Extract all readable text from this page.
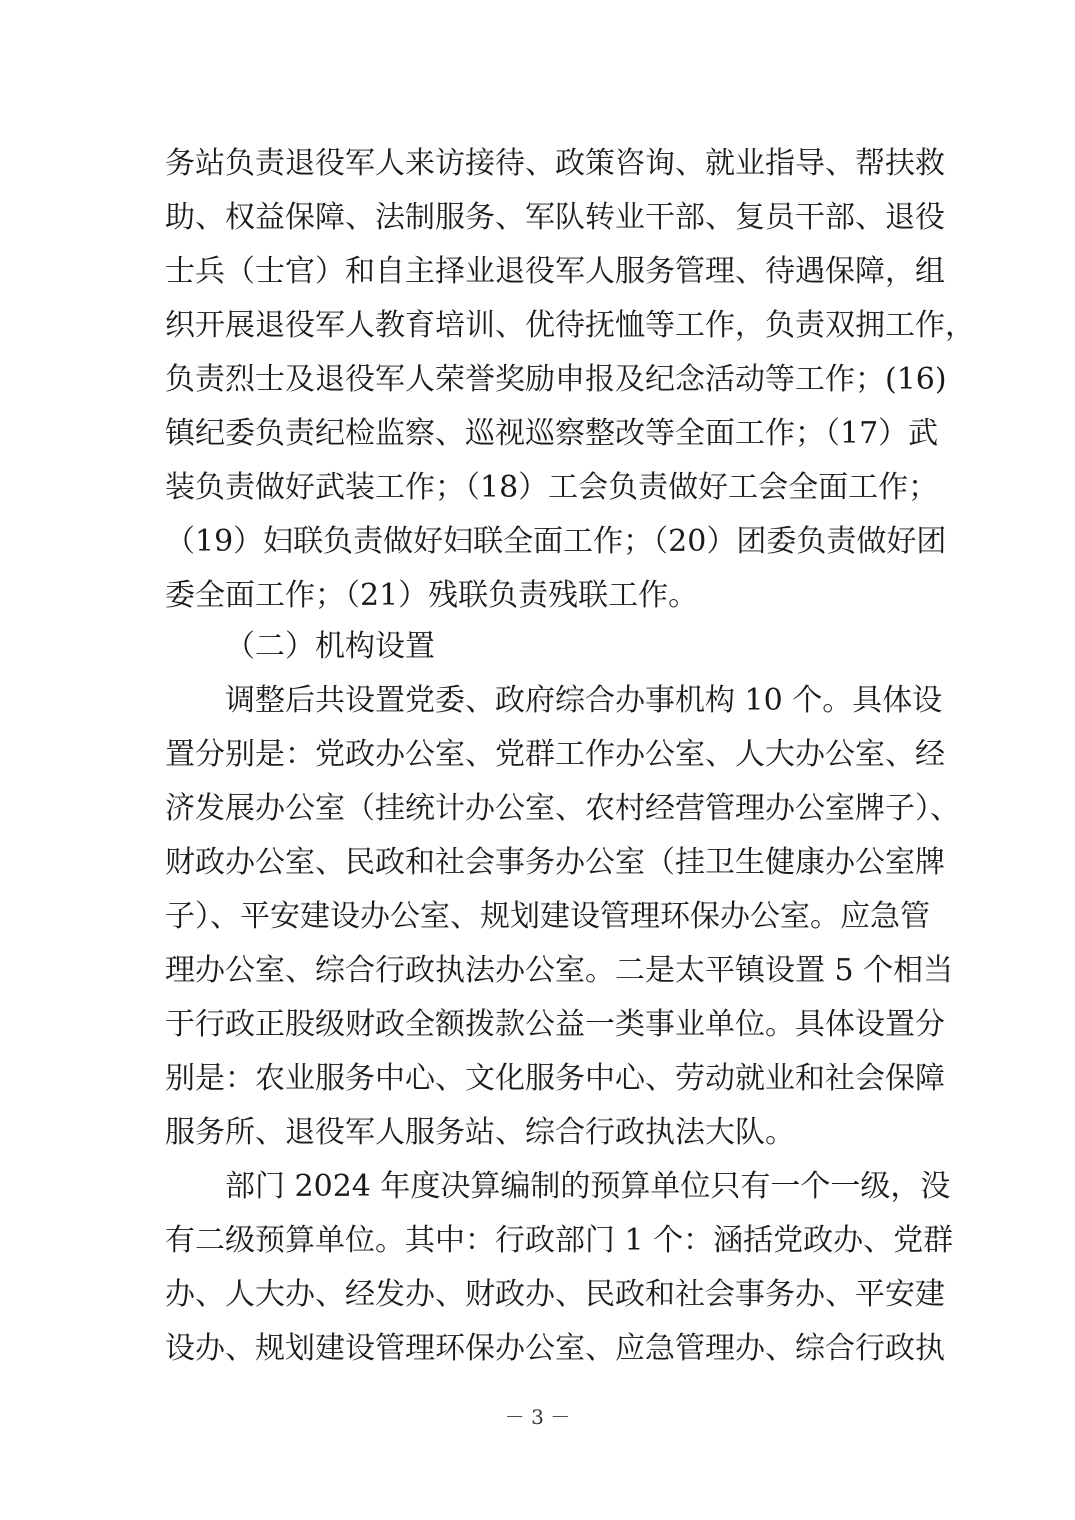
务站负责退役军人来访接待、政策咨询、就业指导、帮扶救
助、权益保障、法制服务、军队转业干部、复员干部、退役
士兵（士官）和自主择业退役军人服务管理、待遇保障，组
织开展退役军人教育培训、优待抚恤等工作，负责双拥工作，
负责烈士及退役军人荣誉奖励申报及纪念活动等工作；(16)
镇纪委负责纪检监察、巡视巡察整改等全面工作；（17）武
装负责做好武装工作；（18）工会负责做好工会全面工作；
（19）妇联负责做好妇联全面工作；（20）团委负责做好团
委全面工作；（21）残联负责残联工作。
（二）机构设置
调整后共设置党委、政府综合办事机构 10 个。具体设
置分别是：党政办公室、党群工作办公室、人大办公室、经
济发展办公室（挂统计办公室、农村经营管理办公室牌子）、
财政办公室、民政和社会事务办公室（挂卫生健康办公室牌
子）、平安建设办公室、规划建设管理环保办公室。应急管
理办公室、综合行政执法办公室。二是太平镇设置 5 个相当
于行政正股级财政全额拨款公益一类事业单位。具体设置分
别是：农业服务中心、文化服务中心、劳动就业和社会保障
服务所、退役军人服务站、综合行政执法大队。
部门 2024 年度决算编制的预算单位只有一个一级，没
有二级预算单位。其中：行政部门 1 个：涵括党政办、党群
办、人大办、经发办、财政办、民政和社会事务办、平安建
设办、规划建设管理环保办公室、应急管理办、综合行政执
－ 3 －
